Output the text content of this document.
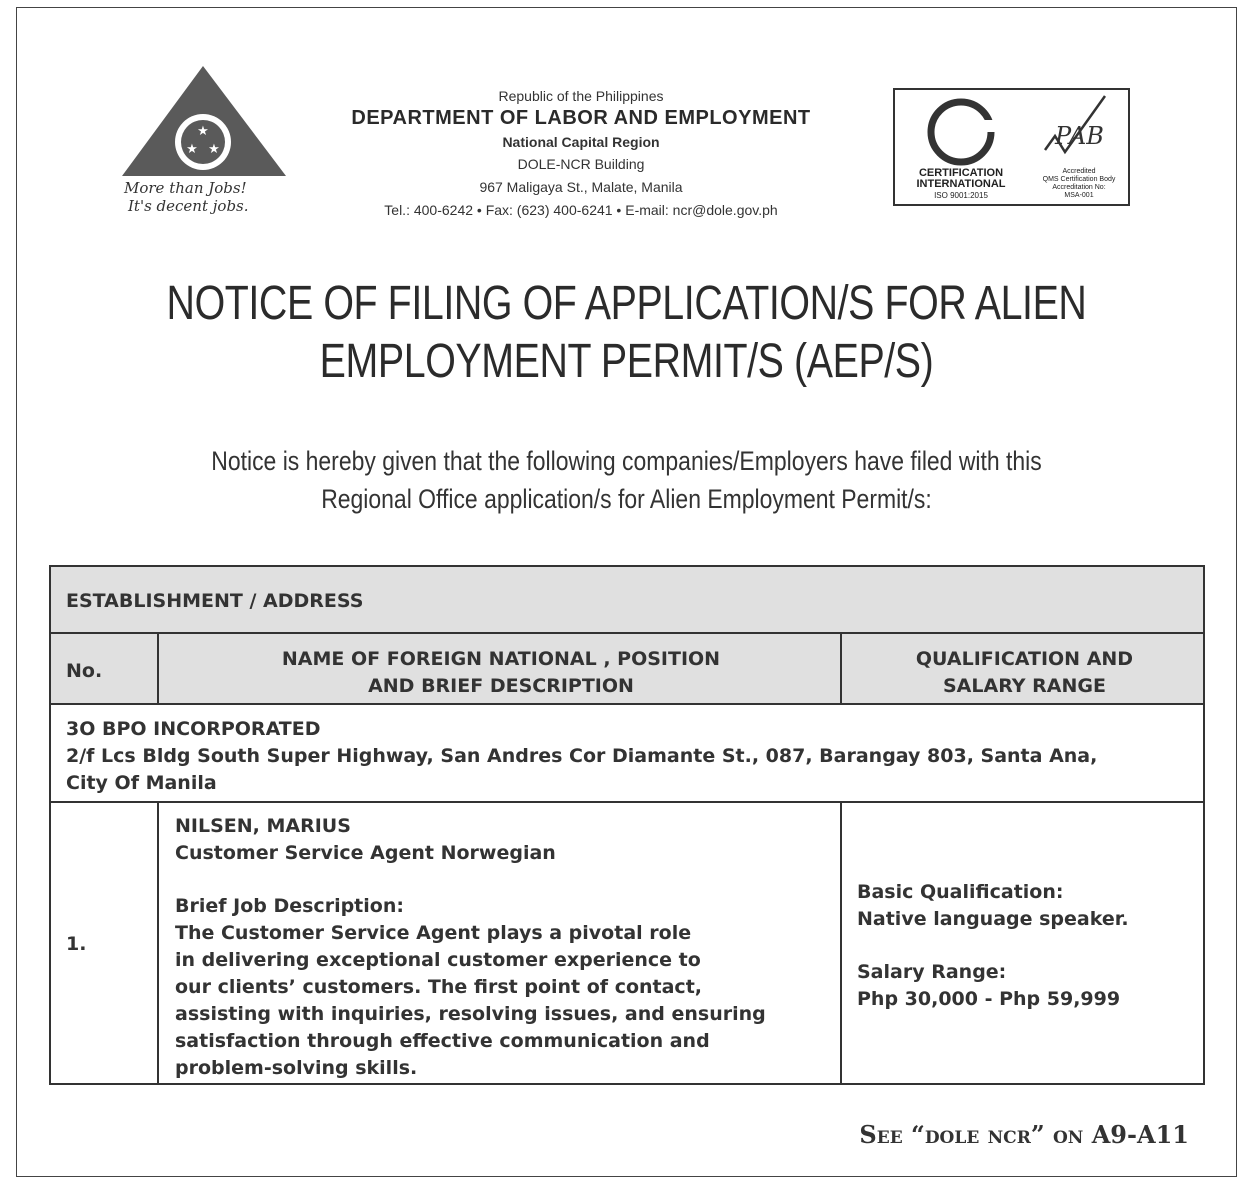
★
★ ★
More than Jobs!
It's decent jobs.
Republic of the Philippines
DEPARTMENT OF LABOR AND EMPLOYMENT
National Capital Region
DOLE-NCR Building
967 Maligaya St., Malate, Manila
Tel.: 400-6242 • Fax: (623) 400-6241 • E-mail: ncr@dole.gov.ph
PAB
CERTIFICATION
INTERNATIONAL
ISO 9001:2015
Accredited
QMS Certification Body
Accreditation No:
MSA-001
NOTICE OF FILING OF APPLICATION/S FOR ALIEN
EMPLOYMENT PERMIT/S (AEP/S)
Notice is hereby given that the following companies/Employers have filed with this
Regional Office application/s for Alien Employment Permit/s:
ESTABLISHMENT / ADDRESS
No.
NAME OF FOREIGN NATIONAL , POSITION
AND BRIEF DESCRIPTION
QUALIFICATION AND
SALARY RANGE
3O BPO INCORPORATED
2/f Lcs Bldg South Super Highway, San Andres Cor Diamante St., 087, Barangay 803, Santa Ana,
City Of Manila
1.
NILSEN, MARIUS
Customer Service Agent Norwegian
Brief Job Description:
The Customer Service Agent plays a pivotal role
in delivering exceptional customer experience to
our clients’ customers. The first point of contact,
assisting with inquiries, resolving issues, and ensuring
satisfaction through effective communication and
problem-solving skills.
Basic Qualification:
Native language speaker.
Salary Range:
Php 30,000 - Php 59,999
See “dole ncr” on A9-A11
